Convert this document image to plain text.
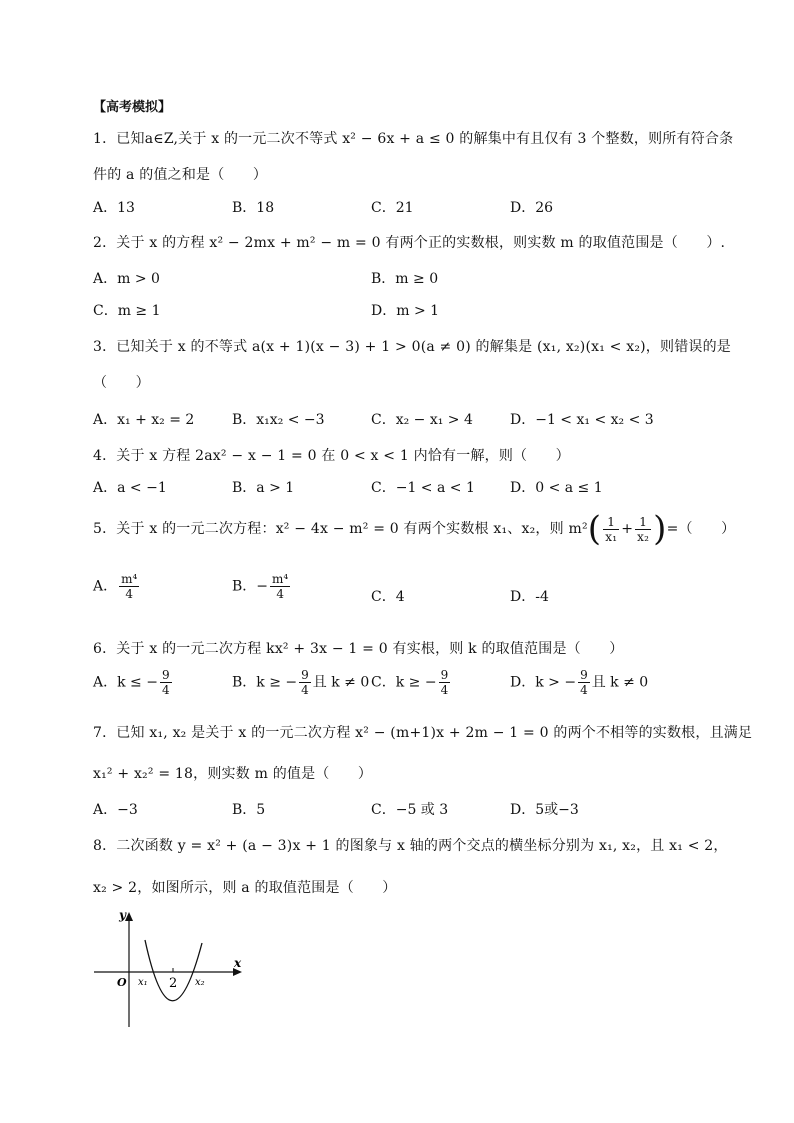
【高考模拟】
1．已知a∈Z,关于 x 的一元二次不等式 x² − 6x + a ≤ 0 的解集中有且仅有 3 个整数，则所有符合条
件的 a 的值之和是（　　）
A．13	B．18	C．21	D．26
2．关于 x 的方程 x² − 2mx + m² − m = 0 有两个正的实数根，则实数 m 的取值范围是（　　）.
A．m > 0	B．m ≥ 0
C．m ≥ 1	D．m > 1
3．已知关于 x 的不等式 a(x + 1)(x − 3) + 1 > 0(a ≠ 0) 的解集是 (x₁, x₂)(x₁ < x₂)，则错误的是
（　　）
A．x₁ + x₂ = 2	B．x₁x₂ < −3	C．x₂ − x₁ > 4	D．−1 < x₁ < x₂ < 3
4．关于 x 方程 2ax² − x − 1 = 0 在 0 < x < 1 内恰有一解，则（　　）
A．a < −1	B．a > 1	C．−1 < a < 1	D．0 < a ≤ 1
5．关于 x 的一元二次方程：x² − 4x − m² = 0 有两个实数根 x₁、x₂，则 $m^2( \frac{1}{\text{x₁}} + \frac{1}{\text{x₂}}$ )=（　　）
A． $\frac{\text{m⁴}}{4}$	B．− $\frac{\text{m⁴}}{4}$	C．4	D．-4
6．关于 x 的一元二次方程 kx² + 3x − 1 = 0 有实根，则 k 的取值范围是（　　）
A．k ≤ − $\frac{9}{4}$	B．k ≥ − $\frac{9}{4}$ 且 k ≠ 0 C．k ≥ − $\frac{9}{4}$	D．k > − $\frac{9}{4}$ 且 k ≠ 0
7．已知 x₁, x₂ 是关于 x 的一元二次方程 x² − (m+1)x + 2m − 1 = 0 的两个不相等的实数根，且满足
x₁² + x₂² = 18，则实数 m 的值是（　　）
A．−3	B．5	C．−5 或 3	D．5或−3
8．二次函数 y = x² + (a − 3)x + 1 的图象与 x 轴的两个交点的横坐标分别为 x₁, x₂，且 x₁ < 2，
x₂ > 2，如图所示，则 a 的取值范围是（　　）
y
x
O x₁ 2 x₂
